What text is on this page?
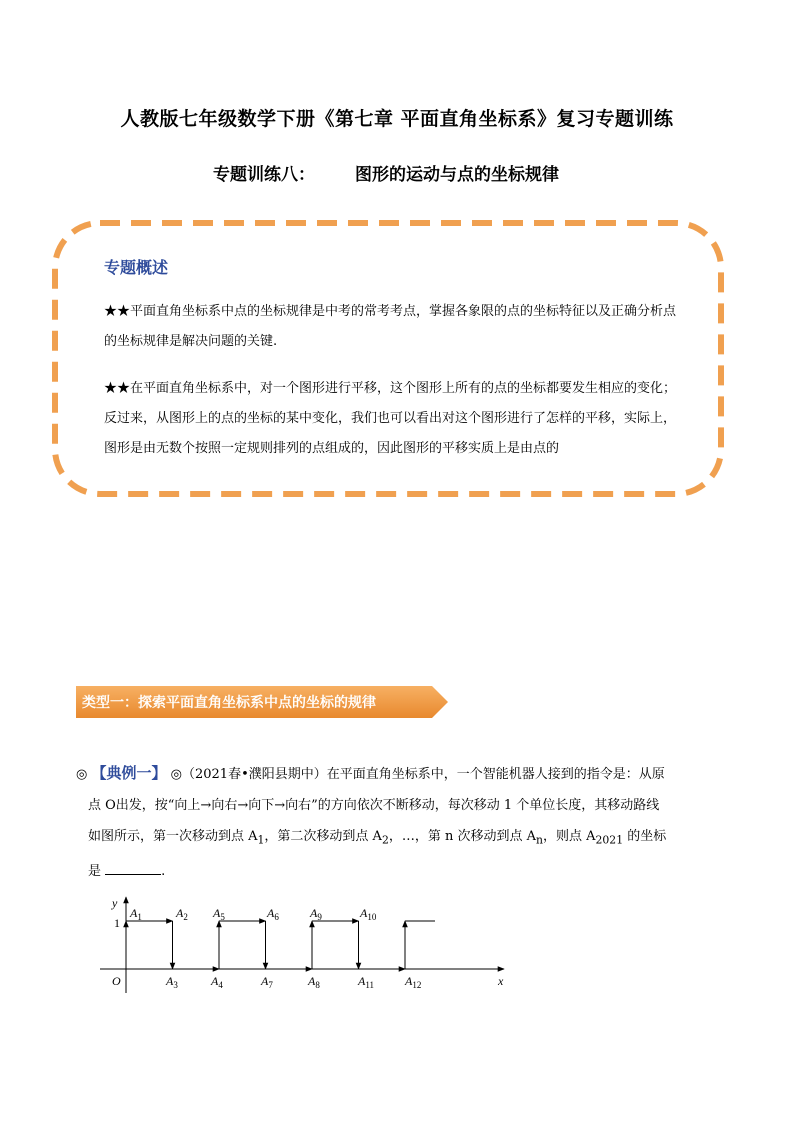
人教版七年级数学下册《第七章 平面直角坐标系》复习专题训练
专题训练八： 图形的运动与点的坐标规律
专题概述
★★平面直角坐标系中点的坐标规律是中考的常考考点，掌握各象限的点的坐标特征以及正确分析点的坐标规律是解决问题的关键.
★★在平面直角坐标系中，对一个图形进行平移，这个图形上所有的点的坐标都要发生相应的变化；反过来，从图形上的点的坐标的某中变化，我们也可以看出对这个图形进行了怎样的平移，实际上，图形是由无数个按照一定规则排列的点组成的，因此图形的平移实质上是由点的
类型一：探索平面直角坐标系中点的坐标的规律
◎ 【典例一】 ◎（2021春•濮阳县期中）在平面直角坐标系中，一个智能机器人接到的指令是：从原
点 O出发，按“向上→向右→向下→向右”的方向依次不断移动，每次移动 1 个单位长度，其移动路线
如图所示，第一次移动到点 $A_1$，第二次移动到点 $A_2$，…，第 n 次移动到点 $A_n$，则点 $A_{2021}$ 的坐标
是	.
y
x
O
1
$A_1$	$A_2$ $A_5$	$A_6$	$A_9$	$A_{10}$
$A_3$	$A_4$	$A_7$	$A_8$	$A_{11}$	$A_{12}$
